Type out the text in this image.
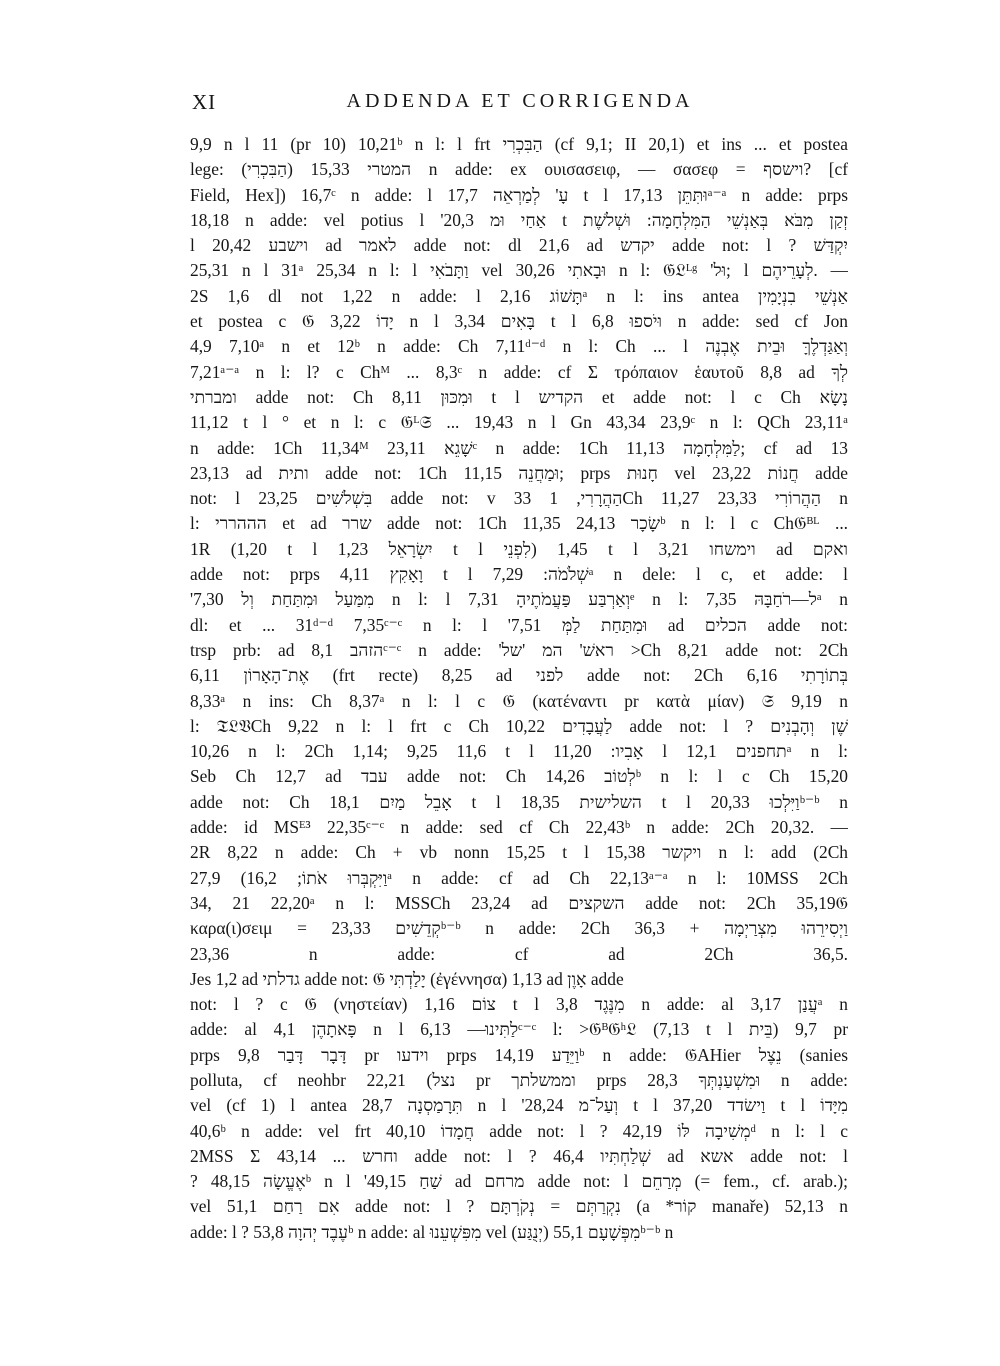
XI	ADDENDA ET CORRIGENDA
9,9 n l 11 (pr 10) 10,21ᵇ n l: l frt הַבִּכְרִי (cf 9,1; II 20,1) et ins ... et postea
lege: (הַבִּכְרִי) המטרי 15,33 n adde: ex ουισασειφ, — σασεφ = וישסף? [cf
Field, Hex]) 16,7ᶜ n adde: l עָ' לְמַרְאֵה 17,7 t l וּתִּתֵּן 17,13ᵃ⁻ᵃ n adde: prps
18,18 n adde: vel potius l 'אַחַי וּמ 20,3 t זְקַן מִבֹּא בְּאַנְשֵׁי הַמִּלְחָמָה: וּשְׁלשֶׁת
l וישבע 20,42 ad לאמר adde not: dl 21,6 ad יקדש adde not: l ? יִקְדַּשׁ
25,31 n l 31ᵃ 25,34 n l: l וַתָּבֹאִי vel וּבָאתִי 30,26 n l: 𝔊𝔏ᴸᵍ 'וּל; l לְעָרֵיהֶם. —
2S 1,6 dl not 1,22 n adde: l תָּשׁוֹג 2,16ᵃ n l: ins antea אַנְשֵׁי בִנְיָמִין
et postea c 𝔊 יָדוֹ 3,22 n l בָּאִים 3,34 t l וּיֹספוּ 6,8 n adde: sed cf Jon
4,9 7,10ᵃ n et 12ᵇ n adde: Ch 7,11ᵈ⁻ᵈ n l: Ch ... l וְאַגַּדְלֶךָּ וּבֵית אֶבְנֶה
7,21ᵃ⁻ᵃ n l: l? c Chᴹ ... 8,3ᶜ n adde: cf Σ τρόπαιον ἑαυτοῦ 8,8 ad לְךָ
ומברתי adde not: Ch וּמִכּוּן 8,11 t l הקדיש et adde not: l c Ch נָשָׂא
11,12 t l ° et n l: c 𝔊ᴸ𝔖 ... 19,43 n l Gn 43,34 23,9ᶜ n l: QCh 23,11ᵃ
n adde: 1Ch 11,34ᴹ שָׁגֵא 23,11ᶜ n adde: 1Ch 11,13 לַמִּלְחָמָה; cf ad 13
23,13 ad ותית adde not: 1Ch 11,15 וּמַחֲנֵה; prps חָנוּת vel חֲנוֹת 23,22 adde
not: l בִּשְׁלֹשִׁים 23,25 adde not: v 33 הַהֲרָרִי, 1Ch 11,27 הַהֲרוֹרִי 23,33 n
l: הההררי et ad שרר adde not: 1Ch 11,35 שָׂכָר 24,13ᵇ n l: l c Ch𝔊ᴮᴸ ...
1R (1,20 t l יִשְׂרָאֵל 1,23 t l לִפְנֵי) 1,45 t l וימשחו 3,21 ad ואקם
adde not: prps וָאָקִץ 4,11 t l שְׁלֹמֹה: 7,29ᵃ n dele: l c, et adde: l
'מִמַּעַל וּמִתַּחַת וְל 7,30 n l: l וְאַרְבַּע פַּעֲמֹתֶיהָ 7,31ᵉ n l: ל—רֹחַבָּהּ 7,35ᵃ n
dl: et ... 31ᵈ⁻ᵈ 7,35ᶜ⁻ᶜ n l: l 'וּמִתַּחַת לַמְּ 7,51 ad הכלים adde not:
trsp prb: ad הזהב 8,1ᶜ⁻ᶜ n adde: 'ראשׁ' המ 'של >Ch 8,21 adde not: 2Ch
6,11 אֶת־הָאָרוֹן (frt recte) 8,25 ad לפני adde not: 2Ch 6,16 בְּתוֹרָתִי
8,33ᵃ n ins: Ch 8,37ᵃ n l: l c 𝔊 (κατέναντι pr κατὰ μίαν) 𝔖 9,19 n
l: 𝔗𝔏𝔙Ch 9,22 n l: l frt c Ch לַעֲבָדִים 10,22 adde not: l ? שֶׁן וְהָבְנִים
10,26 n l: 2Ch 1,14; 9,25 11,6 t l אָבִיו: 11,20 l תחפנים 12,1ᵃ n l:
Seb Ch 12,7 ad עבד adde not: Ch לְטוֹב 14,26ᵇ n l: l c Ch 15,20
adde not: Ch אָבֵל מַיִם 18,1 t l השלישית 18,35 t l וַיִּלְכוּ 20,33ᵇ⁻ᵇ n
adde: id MSᴱ³ 22,35ᶜ⁻ᶜ n adde: sed cf Ch 22,43ᵇ n adde: 2Ch 20,32. —
2R 8,22 n adde: Ch + vb nonn 15,25 t l ויקשר 15,38 n l: add (2Ch
27,9 (וַיִּקְבְּרוּ אֹתוֹ; 16,2ᵃ n adde: cf ad Ch 22,13ᵃ⁻ᵃ n l: 10MSS 2Ch
34, 21 22,20ᵃ n l: MSSCh 23,24 ad השקצים adde not: 2Ch 35,19𝔊
καρα(ι)σειμ = קְדֵשִׁים 23,33ᵇ⁻ᵇ n adde: 2Ch 36,3 + וַיְסִירֵהוּ מִצְרַיְמָה
23,36 n adde: cf ad 2Ch 36,5.
Jes 1,2 ad גדלתי adde not: 𝔊 יָלַדְתִּי (ἐγέννησα) 1,13 ad אָוֶן adde
not: l ? c 𝔊 (νηστείαν) צוֹם 1,16 t l מִנֶּגֶד 3,8 n adde: al עֲנַן 3,17ᵃ n
adde: al פָּאתָהֶן 4,1 n l לַתִּינוּ— 6,13ᶜ⁻ᶜ l: >𝔊ᴮ𝔊ʰ𝔏 (7,13 t l בֵּית) 9,7 pr
prps דָּבָר דָּבַר 9,8 pr וידעו prps וַיֵּדַע 14,19ᵇ n adde: 𝔊AHier נֵצֶל (sanies
polluta, cf neohbr נצל) 22,21 pr וממשלתך prps וּמִשְׁעַנְתְּךָ 28,3 n adde:
vel (cf 1) l antea תִּרָמַסְנָה 28,7 n l 'וְעַל־מ 28,24 t l וַישׂדד 37,20 t l מִיָּדוֹ
40,6ᵇ n adde: vel frt חֲמָדוֹ 40,10 adde not: l ? מְשִׁיבָה לּוֹ 42,19ᵈ n l: l c
2MSS Σ וחרש ... 43,14 adde not: l ? שְׁלַחְתִּיו 46,4 ad אשא adde not: l
? אֶעֱשָׂה 48,15ᵇ n l 'שַׁחַ 49,15 ad מרחם adde not: l מְרַחֵם (= fem., cf. arab.);
vel אִם רַחַם 51,1 adde not: l ? נִקְרַתְּם = נְקֹרְתָּם (a *קוֹר manaře) 52,13 n
adde: l ? עֶבֶד יְהוָה 53,8ᵇ n adde: al מִפִּשְׁעֵנוּ vel (יְנֻגַּע) מִפְּשָׁעָם 55,1ᵇ⁻ᵇ n
